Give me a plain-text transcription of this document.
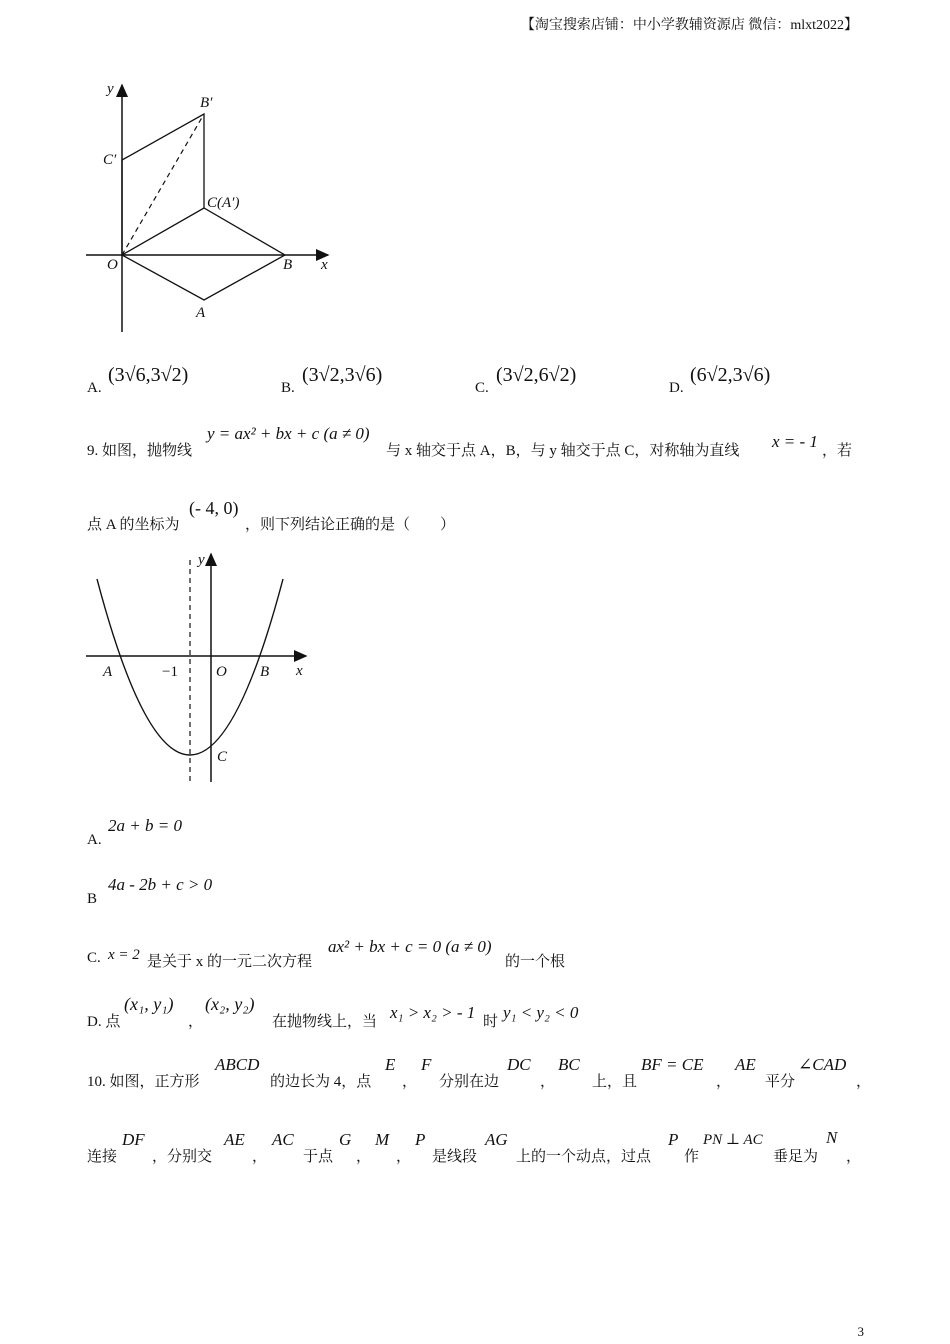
【淘宝搜索店铺：中小学教辅资源店 微信：mlxt2022】
y
x
O	B
A
B′
C′
C(A′)
A.
(3√6,3√2)
B.
(3√2,3√6)
C.
(3√2,6√2)
D.
(6√2,3√6)
9. 如图，抛物线
y = ax² + bx + c (a ≠ 0)
与 x 轴交于点 A，B，与 y 轴交于点 C，对称轴为直线 x = - 1 ，若
点 A 的坐标为
(- 4, 0)
，则下列结论正确的是（　　）
y
x
A	−1	O B
C
A.
2a + b = 0
B
4a - 2b + c > 0
C. x = 2 是关于 x 的一元二次方程
ax² + bx + c = 0 (a ≠ 0)
的一个根
D. 点
(x₁, y₁)
，
(x₂, y₂)
在抛物线上，当 x₁ > x₂ > - 1 时 y₁ < y₂ < 0
10. 如图，正方形
ABCD
的边长为 4，点
E
，
F
分别在边
DC
，
BC
上，且
BF = CE
，
AE
平分
∠CAD
，
连接
DF
，分别交
AE
，
AC
于点
G
，
M
，
P
是线段
AG
上的一个动点，过点
P
作
PN ⊥ AC
垂足为
N
，
3
